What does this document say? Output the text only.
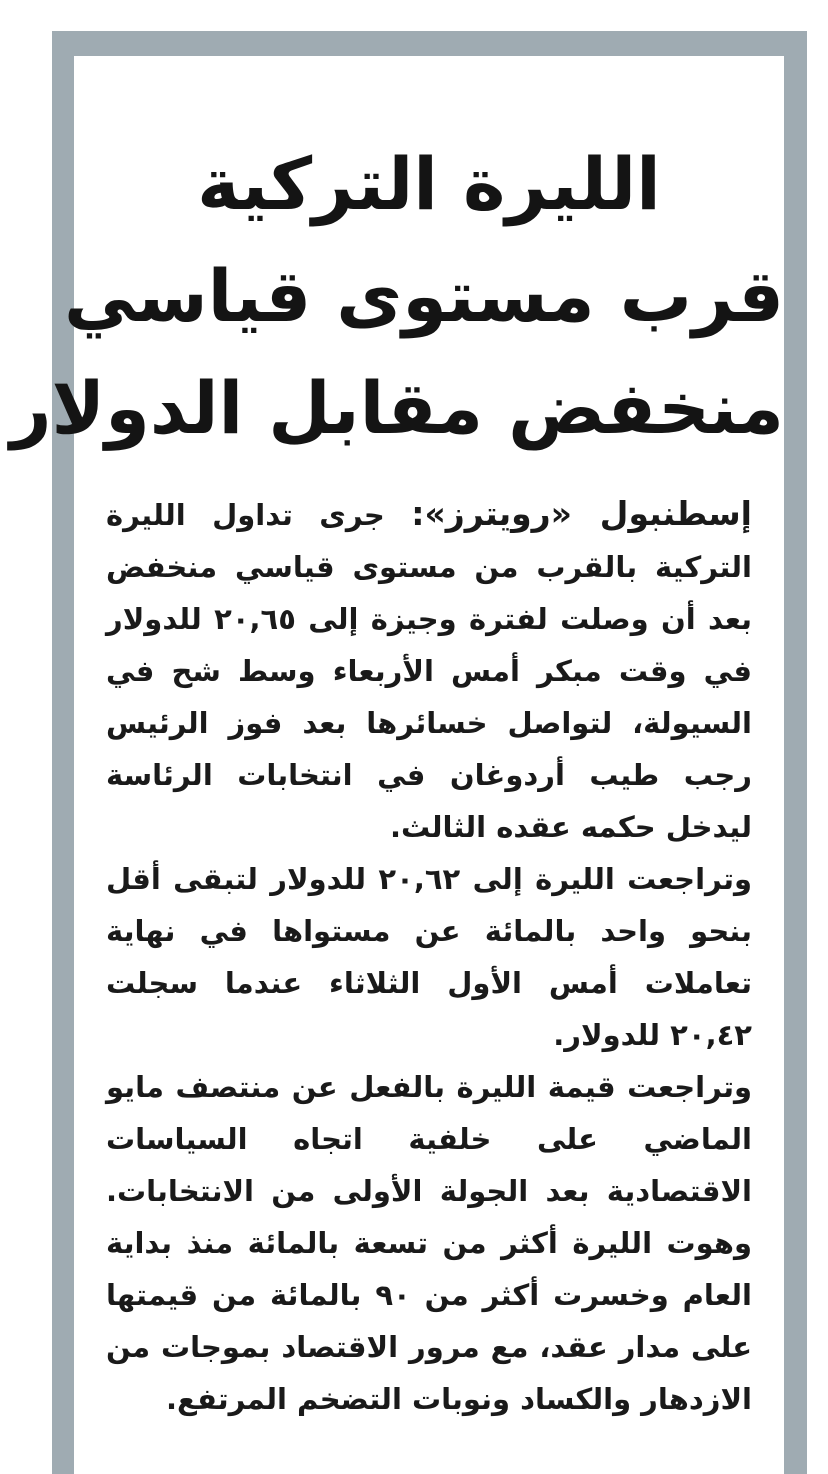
الليرة التركية
قرب مستوى قياسي
منخفض مقابل الدولار

إسطنبول «رويترز»: جرى تداول الليرة التركية بالقرب من مستوى قياسي منخفض بعد أن وصلت لفترة وجيزة إلى ٢٠,٦٥ للدولار في وقت مبكر أمس الأربعاء وسط شح في السيولة، لتواصل خسائرها بعد فوز الرئيس رجب طيب أردوغان في انتخابات الرئاسة ليدخل حكمه عقده الثالث.

وتراجعت الليرة إلى ٢٠,٦٢ للدولار لتبقى أقل بنحو واحد بالمائة عن مستواها في نهاية تعاملات أمس الأول الثلاثاء عندما سجلت ٢٠,٤٢ للدولار.

وتراجعت قيمة الليرة بالفعل عن منتصف مايو الماضي على خلفية اتجاه السياسات الاقتصادية بعد الجولة الأولى من الانتخابات. وهوت الليرة أكثر من تسعة بالمائة منذ بداية العام وخسرت أكثر من ٩٠ بالمائة من قيمتها على مدار عقد، مع مرور الاقتصاد بموجات من الازدهار والكساد ونوبات التضخم المرتفع.
